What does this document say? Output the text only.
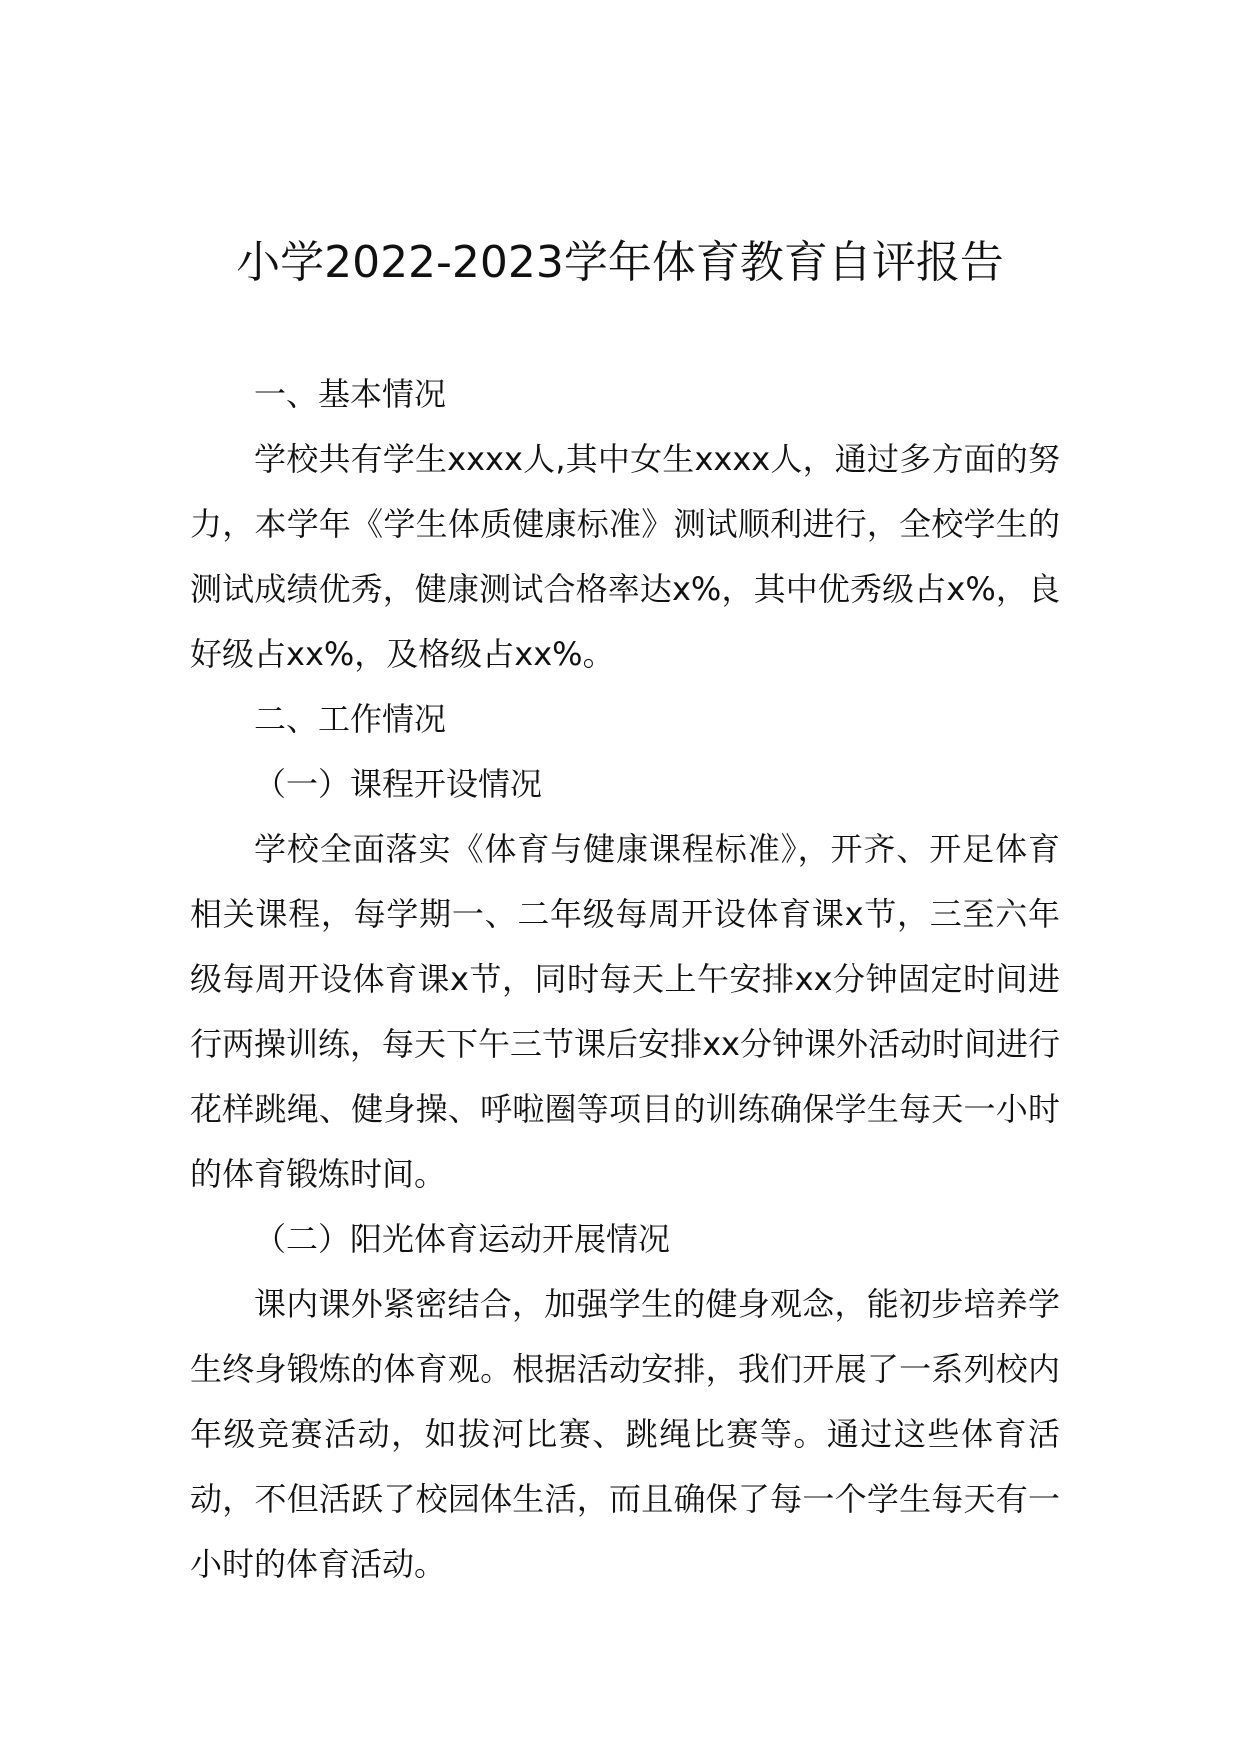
小学2022-2023学年体育教育自评报告
一、基本情况

学校共有学生xxxx人,其中女生xxxx人，通过多方面的努力，本学年《学生体质健康标准》测试顺利进行，全校学生的测试成绩优秀，健康测试合格率达x%，其中优秀级占x%，良好级占xx%，及格级占xx%。

二、工作情况
（一）课程开设情况

学校全面落实《体育与健康课程标准》，开齐、开足体育相关课程，每学期一、二年级每周开设体育课x节，三至六年级每周开设体育课x节，同时每天上午安排xx分钟固定时间进行两操训练，每天下午三节课后安排xx分钟课外活动时间进行花样跳绳、健身操、呼啦圈等项目的训练确保学生每天一小时的体育锻炼时间。

（二）阳光体育运动开展情况

课内课外紧密结合，加强学生的健身观念，能初步培养学生终身锻炼的体育观。根据活动安排，我们开展了一系列校内年级竞赛活动，如拔河比赛、跳绳比赛等。通过这些体育活动，不但活跃了校园体生活，而且确保了每一个学生每天有一小时的体育活动。
